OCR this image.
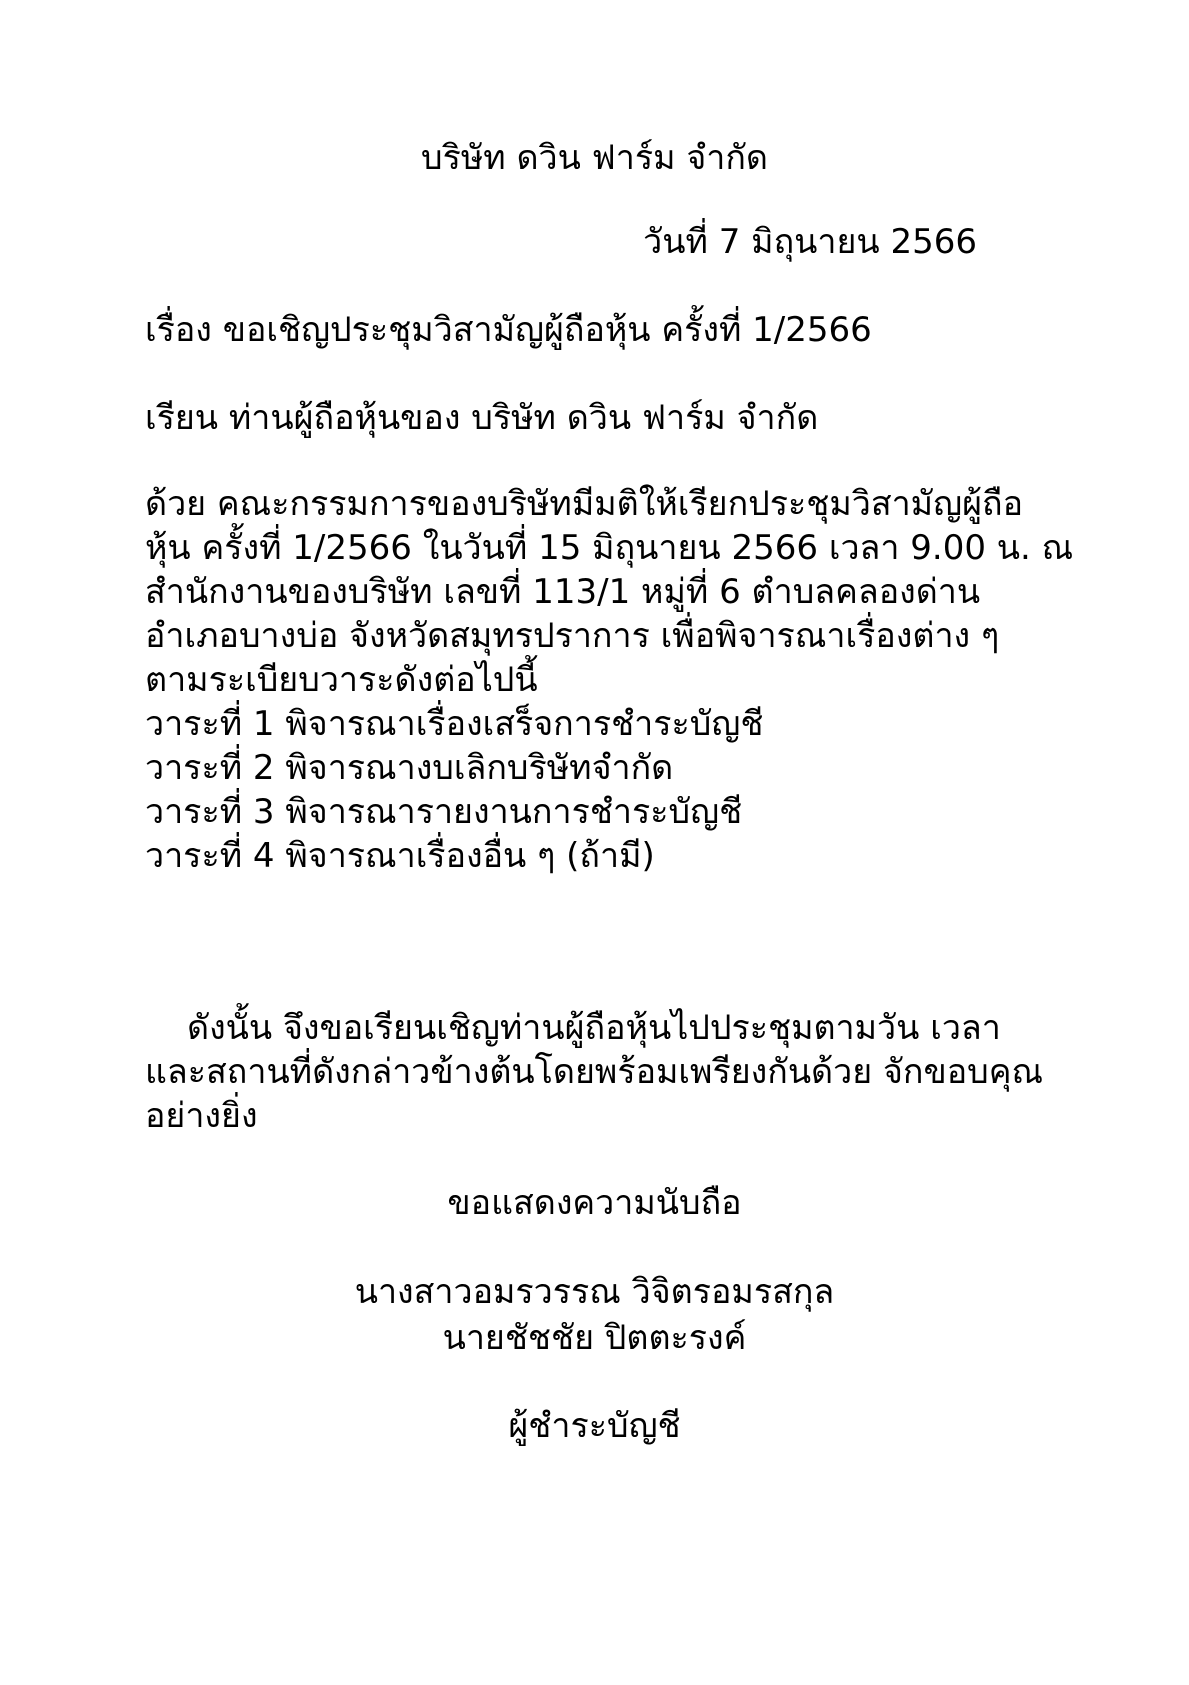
บริษัท ดวิน ฟาร์ม จำกัด
วันที่ 7 มิถุนายน 2566
เรื่อง ขอเชิญประชุมวิสามัญผู้ถือหุ้น ครั้งที่ 1/2566
เรียน ท่านผู้ถือหุ้นของ บริษัท ดวิน ฟาร์ม จำกัด
ด้วย คณะกรรมการของบริษัทมีมติให้เรียกประชุมวิสามัญผู้ถือ
หุ้น ครั้งที่ 1/2566 ในวันที่ 15 มิถุนายน 2566 เวลา 9.00 น. ณ
สำนักงานของบริษัท เลขที่ 113/1 หมู่ที่ 6 ตำบลคลองด่าน
อำเภอบางบ่อ จังหวัดสมุทรปราการ เพื่อพิจารณาเรื่องต่าง ๆ
ตามระเบียบวาระดังต่อไปนี้
วาระที่ 1 พิจารณาเรื่องเสร็จการชำระบัญชี
วาระที่ 2 พิจารณางบเลิกบริษัทจำกัด
วาระที่ 3 พิจารณารายงานการชำระบัญชี
วาระที่ 4 พิจารณาเรื่องอื่น ๆ (ถ้ามี)
ดังนั้น จึงขอเรียนเชิญท่านผู้ถือหุ้นไปประชุมตามวัน เวลา
และสถานที่ดังกล่าวข้างต้นโดยพร้อมเพรียงกันด้วย จักขอบคุณ
อย่างยิ่ง
ขอแสดงความนับถือ
นางสาวอมรวรรณ วิจิตรอมรสกุล
นายชัชชัย ปิตตะรงค์
ผู้ชำระบัญชี
